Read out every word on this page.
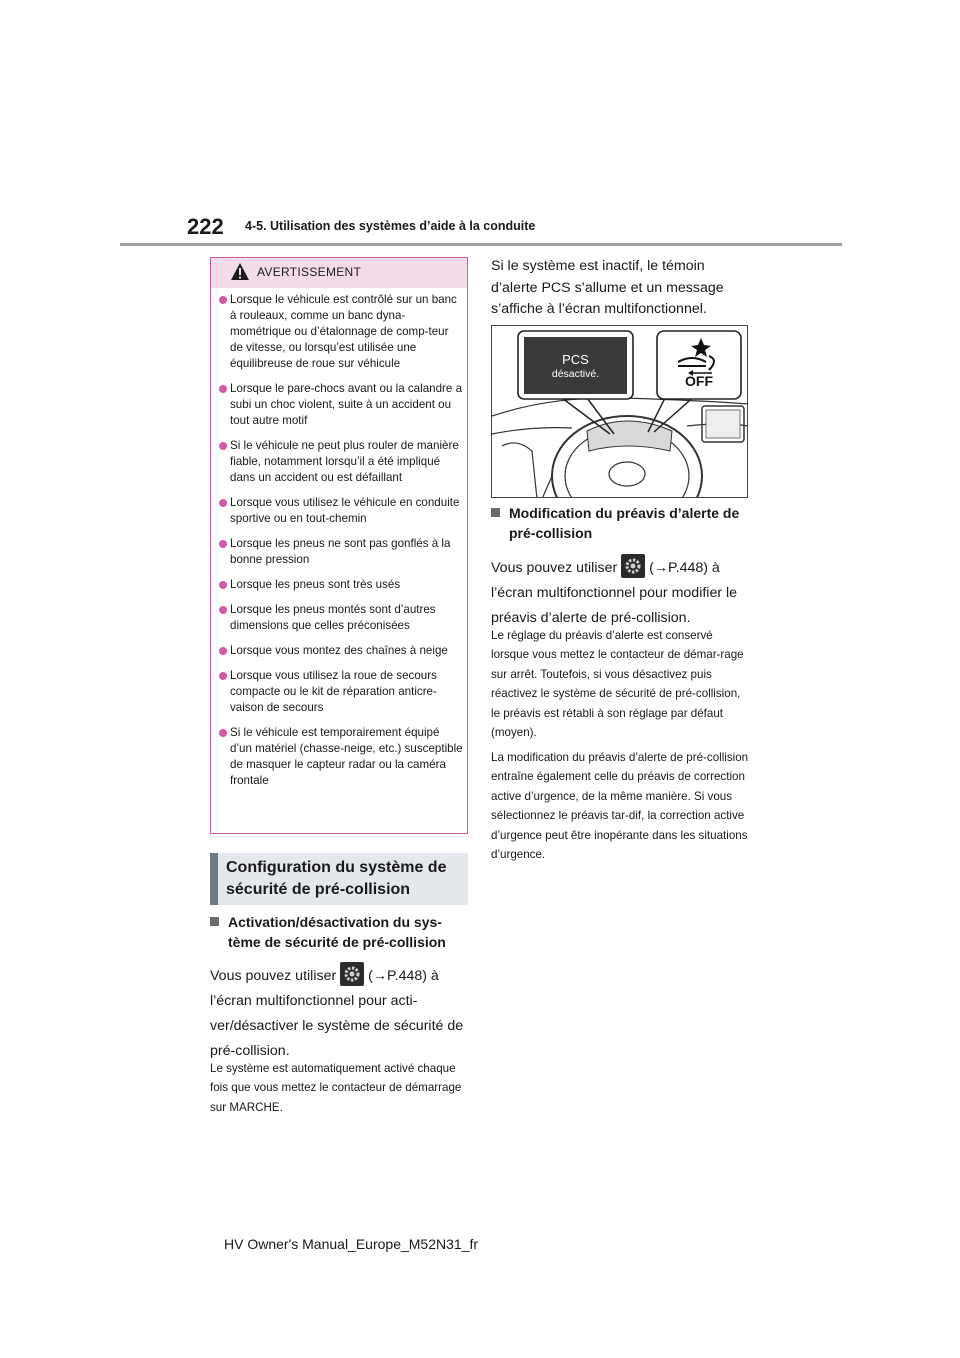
222 4-5. Utilisation des systèmes d’aide à la conduite
AVERTISSEMENT
Lorsque le véhicule est contrôlé sur un banc à rouleaux, comme un banc dyna-mométrique ou d’étalonnage de comp-teur de vitesse, ou lorsqu’est utilisée une équilibreuse de roue sur véhicule
Lorsque le pare-chocs avant ou la calandre a subi un choc violent, suite à un accident ou tout autre motif
Si le véhicule ne peut plus rouler de manière fiable, notamment lorsqu’il a été impliqué dans un accident ou est défaillant
Lorsque vous utilisez le véhicule en conduite sportive ou en tout-chemin
Lorsque les pneus ne sont pas gonflés à la bonne pression
Lorsque les pneus sont très usés
Lorsque les pneus montés sont d’autres dimensions que celles préconisées
Lorsque vous montez des chaînes à neige
Lorsque vous utilisez la roue de secours compacte ou le kit de réparation anticre-vaison de secours
Si le véhicule est temporairement équipé d’un matériel (chasse-neige, etc.) susceptible de masquer le capteur radar ou la caméra frontale
Configuration du système de sécurité de pré-collision
Activation/désactivation du sys-tème de sécurité de pré-collision
Vous pouvez utiliser (→P.448) à
l’écran multifonctionnel pour acti-ver/désactiver le système de sécurité de pré-collision.
Le système est automatiquement activé chaque fois que vous mettez le contacteur de démarrage sur MARCHE.
Si le système est inactif, le témoin d’alerte PCS s’allume et un message s’affiche à l’écran multifonctionnel.
PCS
désactivé.	OFF
Modification du préavis d’alerte de pré-collision
Vous pouvez utiliser (→P.448) à
l’écran multifonctionnel pour modifier le préavis d’alerte de pré-collision.
Le réglage du préavis d’alerte est conservé lorsque vous mettez le contacteur de démar-rage sur arrêt. Toutefois, si vous désactivez puis réactivez le système de sécurité de pré-collision, le préavis est rétabli à son réglage par défaut (moyen).
La modification du préavis d’alerte de pré-collision entraîne également celle du préavis de correction active d’urgence, de la même manière. Si vous sélectionnez le préavis tar-dif, la correction active d’urgence peut être inopérante dans les situations d’urgence.
HV Owner's Manual_Europe_M52N31_fr
